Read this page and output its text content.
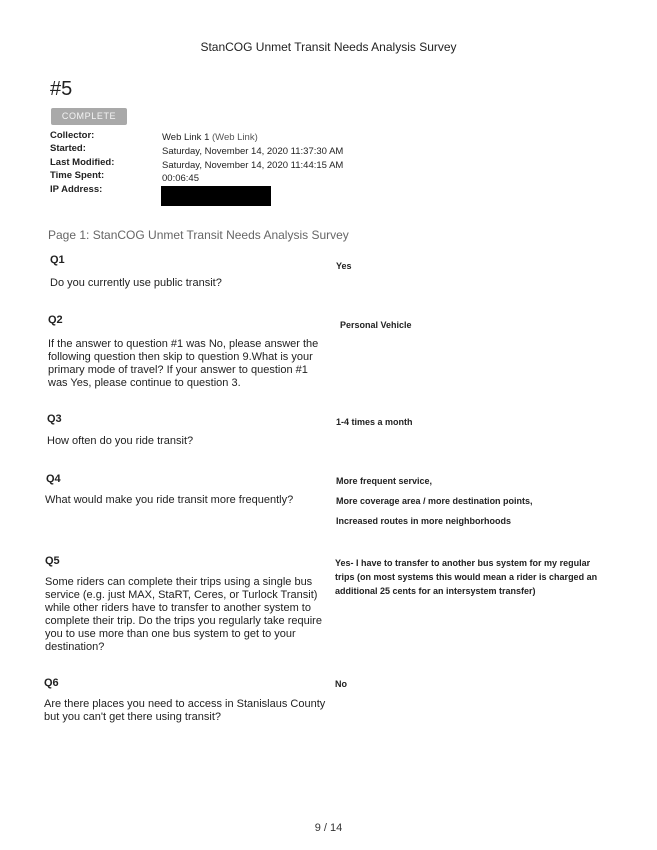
StanCOG Unmet Transit Needs Analysis Survey
#5
COMPLETE
Collector:	Web Link 1 (Web Link)
Started:	Saturday, November 14, 2020 11:37:30 AM
Last Modified:	Saturday, November 14, 2020 11:44:15 AM
Time Spent:	00:06:45
IP Address:
Page 1: StanCOG Unmet Transit Needs Analysis Survey
Q1
Do you currently use public transit?
Yes
Q2
If the answer to question #1 was No, please answer the following question then skip to question 9.What is your primary mode of travel? If your answer to question #1 was Yes, please continue to question 3.
Personal Vehicle
Q3
How often do you ride transit?
1-4 times a month
Q4
What would make you ride transit more frequently?
More frequent service,
More coverage area / more destination points,
Increased routes in more neighborhoods
Q5
Some riders can complete their trips using a single bus service (e.g. just MAX, StaRT, Ceres, or Turlock Transit) while other riders have to transfer to another system to complete their trip. Do the trips you regularly take require you to use more than one bus system to get to your destination?
Yes- I have to transfer to another bus system for my regular trips (on most systems this would mean a rider is charged an additional 25 cents for an intersystem transfer)
Q6
Are there places you need to access in Stanislaus County but you can't get there using transit?
No
9 / 14
